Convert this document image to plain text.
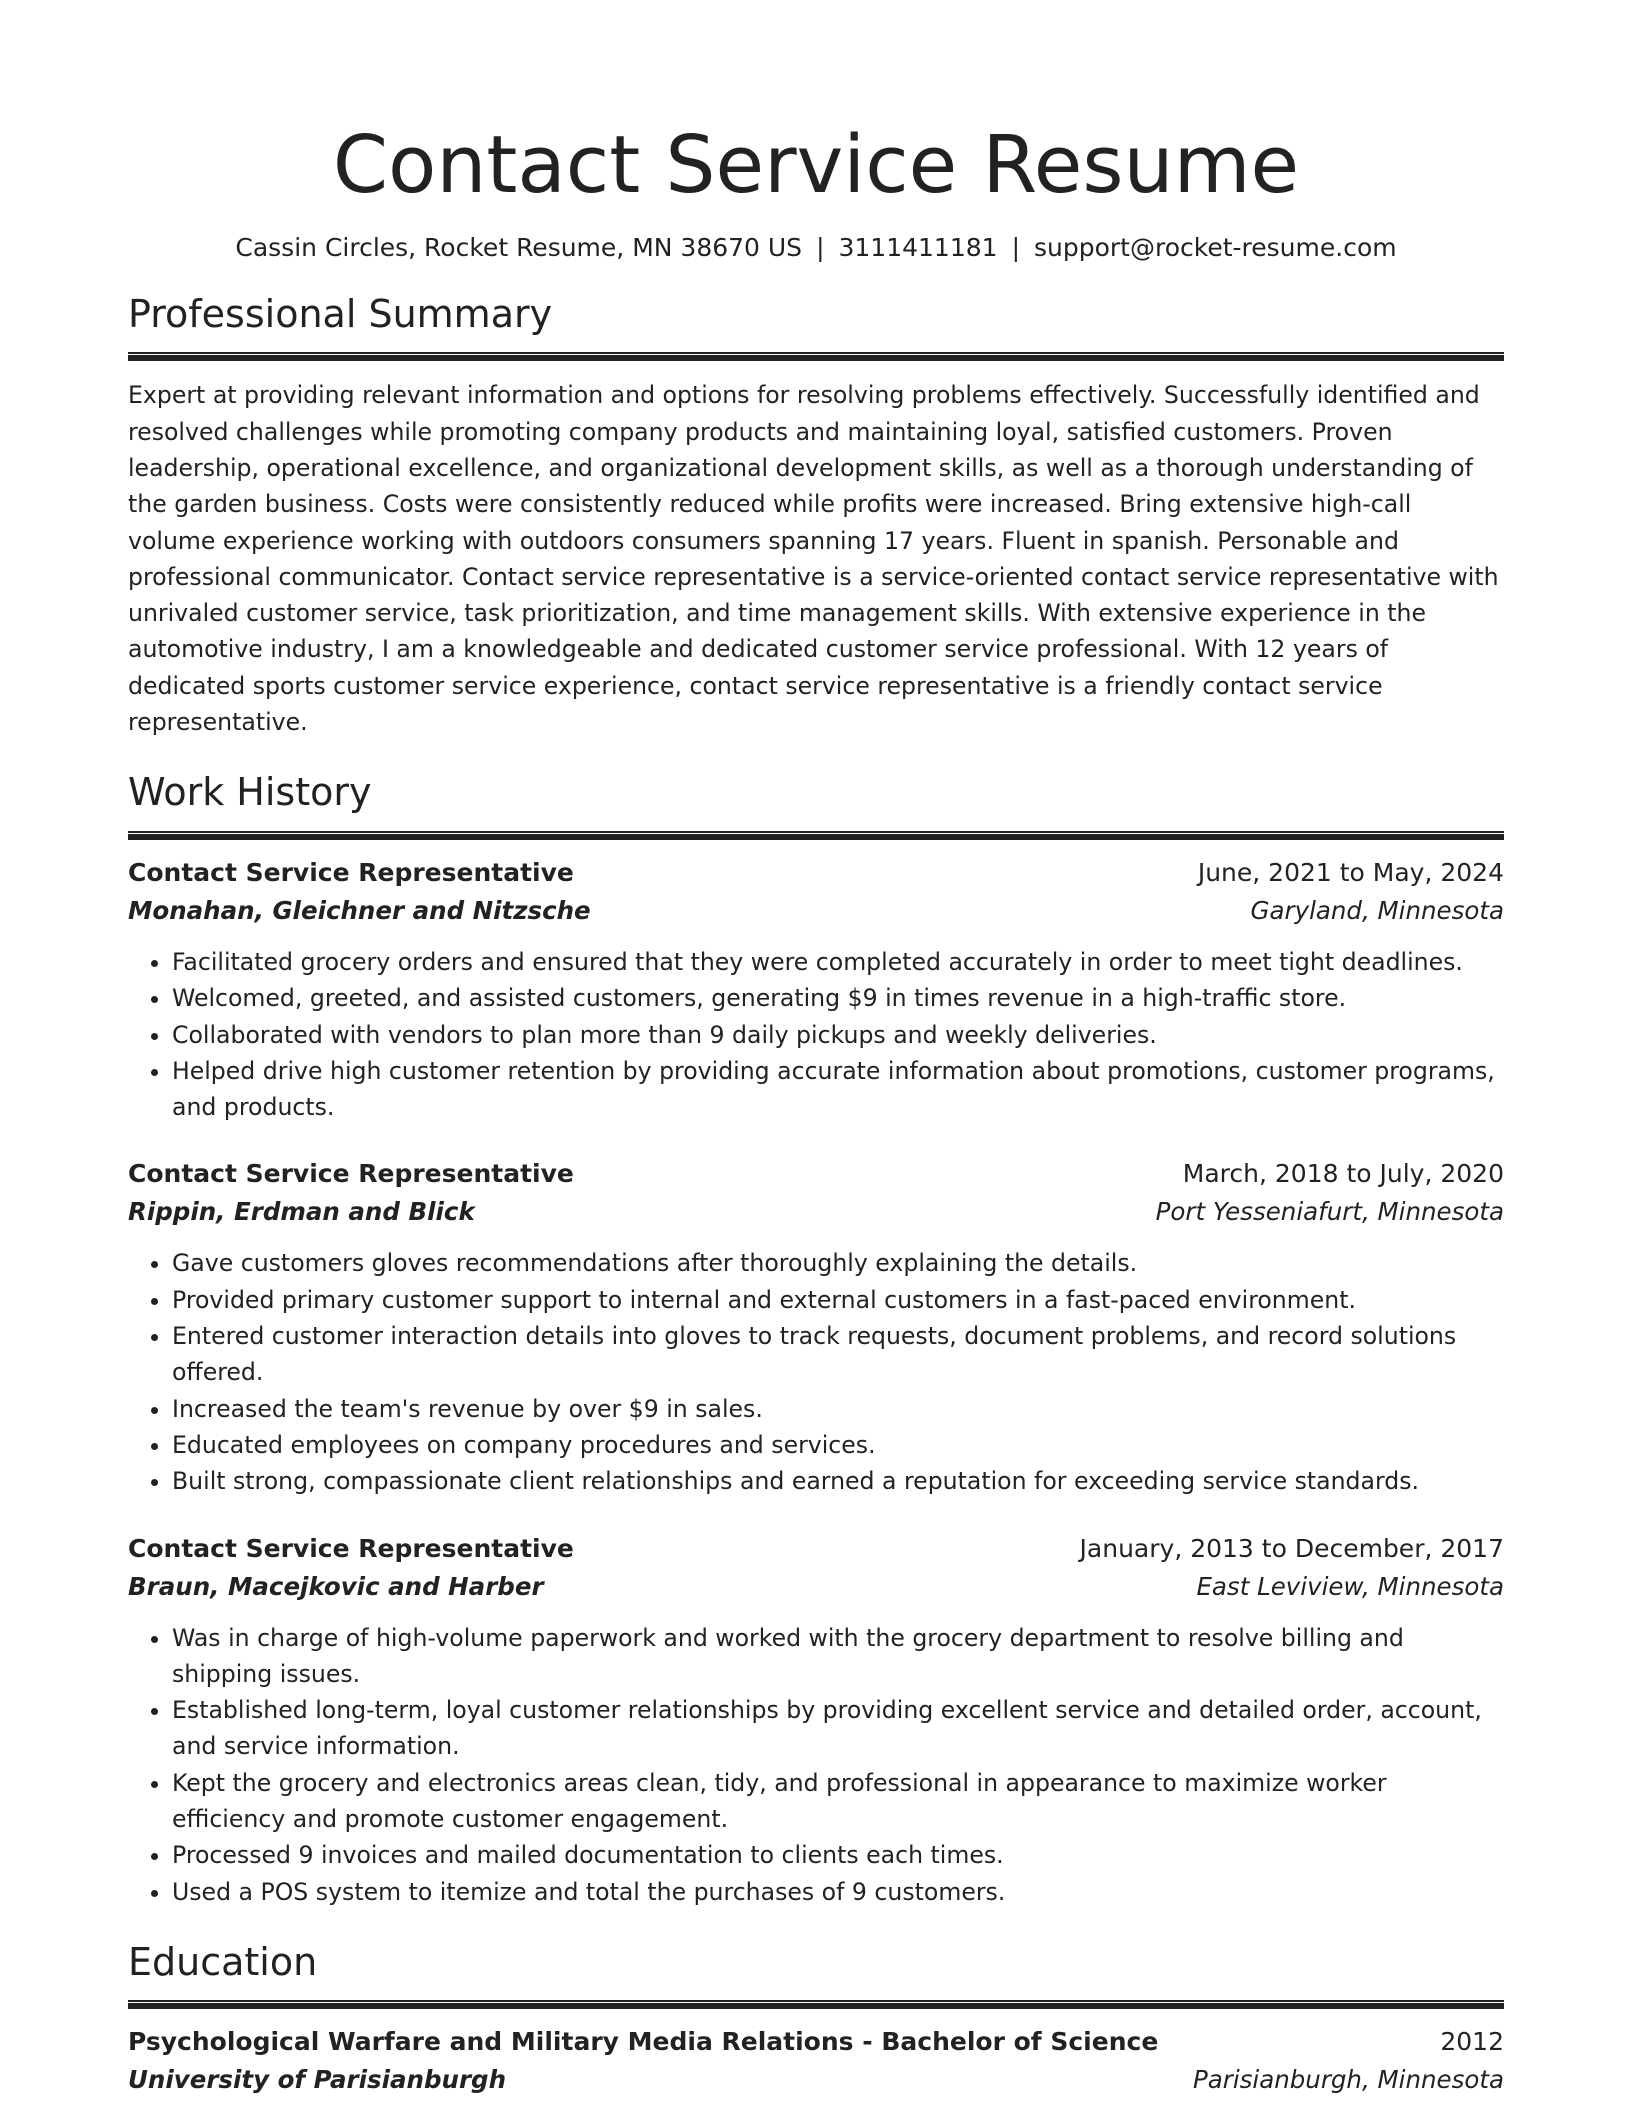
Contact Service Resume
Cassin Circles, Rocket Resume, MN 38670 US | 3111411181 | support@rocket-resume.com
Professional Summary
Expert at providing relevant information and options for resolving problems effectively. Successfully identified and resolved challenges while promoting company products and maintaining loyal, satisfied customers. Proven leadership, operational excellence, and organizational development skills, as well as a thorough understanding of the garden business. Costs were consistently reduced while profits were increased. Bring extensive high-call volume experience working with outdoors consumers spanning 17 years. Fluent in spanish. Personable and professional communicator. Contact service representative is a service-oriented contact service representative with unrivaled customer service, task prioritization, and time management skills. With extensive experience in the automotive industry, I am a knowledgeable and dedicated customer service professional. With 12 years of dedicated sports customer service experience, contact service representative is a friendly contact service representative.
Work History
Contact Service Representative	June, 2021 to May, 2024
Monahan, Gleichner and Nitzsche	Garyland, Minnesota
• Facilitated grocery orders and ensured that they were completed accurately in order to meet tight deadlines.
• Welcomed, greeted, and assisted customers, generating $9 in times revenue in a high-traffic store.
• Collaborated with vendors to plan more than 9 daily pickups and weekly deliveries.
• Helped drive high customer retention by providing accurate information about promotions, customer programs, and products.
Contact Service Representative	March, 2018 to July, 2020
Rippin, Erdman and Blick	Port Yesseniafurt, Minnesota
• Gave customers gloves recommendations after thoroughly explaining the details.
• Provided primary customer support to internal and external customers in a fast-paced environment.
• Entered customer interaction details into gloves to track requests, document problems, and record solutions offered.
• Increased the team's revenue by over $9 in sales.
• Educated employees on company procedures and services.
• Built strong, compassionate client relationships and earned a reputation for exceeding service standards.
Contact Service Representative	January, 2013 to December, 2017
Braun, Macejkovic and Harber	East Leviview, Minnesota
• Was in charge of high-volume paperwork and worked with the grocery department to resolve billing and shipping issues.
• Established long-term, loyal customer relationships by providing excellent service and detailed order, account, and service information.
• Kept the grocery and electronics areas clean, tidy, and professional in appearance to maximize worker efficiency and promote customer engagement.
• Processed 9 invoices and mailed documentation to clients each times.
• Used a POS system to itemize and total the purchases of 9 customers.
Education
Psychological Warfare and Military Media Relations - Bachelor of Science	2012
University of Parisianburgh	Parisianburgh, Minnesota
